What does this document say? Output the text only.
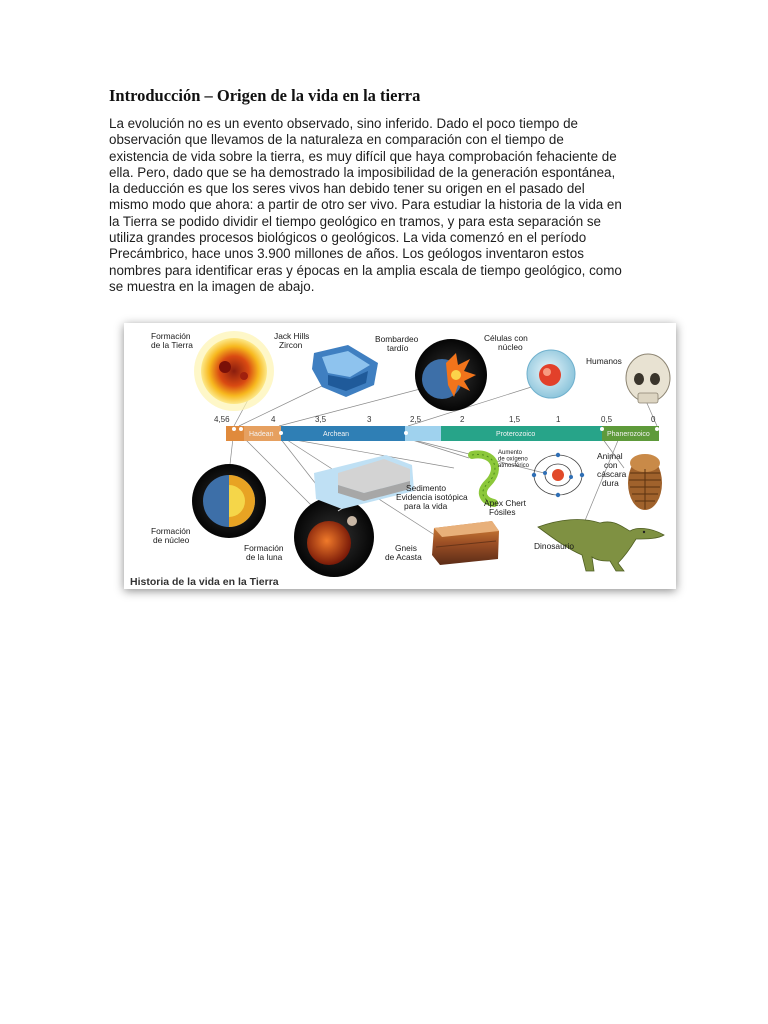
Introducción – Origen de la vida en la tierra
La evolución no es un evento observado, sino inferido. Dado el poco tiempo de
observación que llevamos de la naturaleza en comparación con el tiempo de
existencia de vida sobre la tierra, es muy difícil que haya comprobación fehaciente de
ella. Pero, dado que se ha demostrado la imposibilidad de la generación espontánea,
la deducción es que los seres vivos han debido tener su origen en el pasado del
mismo modo que ahora: a partir de otro ser vivo. Para estudiar la historia de la vida en
la Tierra se podido dividir el tiempo geológico en tramos, y para esta separación se
utiliza grandes procesos biológicos o geológicos. La vida comenzó en el período
Precámbrico, hace unos 3.900 millones de años. Los geólogos inventaron estos
nombres para identificar eras y épocas en la amplia escala de tiempo geológico, como
se muestra en la imagen de abajo.
Formación de la Tierra
Jack Hills Zircon
Bombardeo tardío
Células con núcleo
Humanos
4,56	4	3,5	3	2,5	2	1,5	1	0,5	0
Hadean	Archean	Proterozoico	Phanerozoico
Formación de núcleo
Formación de la luna
Sedimento Evidencia isotópica para la vida
Gneis de Acasta
Aumento de oxígeno atmosférico
Apex Chert Fósiles
Animal con cáscara dura
Dinosaurio
Historia de la vida en la Tierra
